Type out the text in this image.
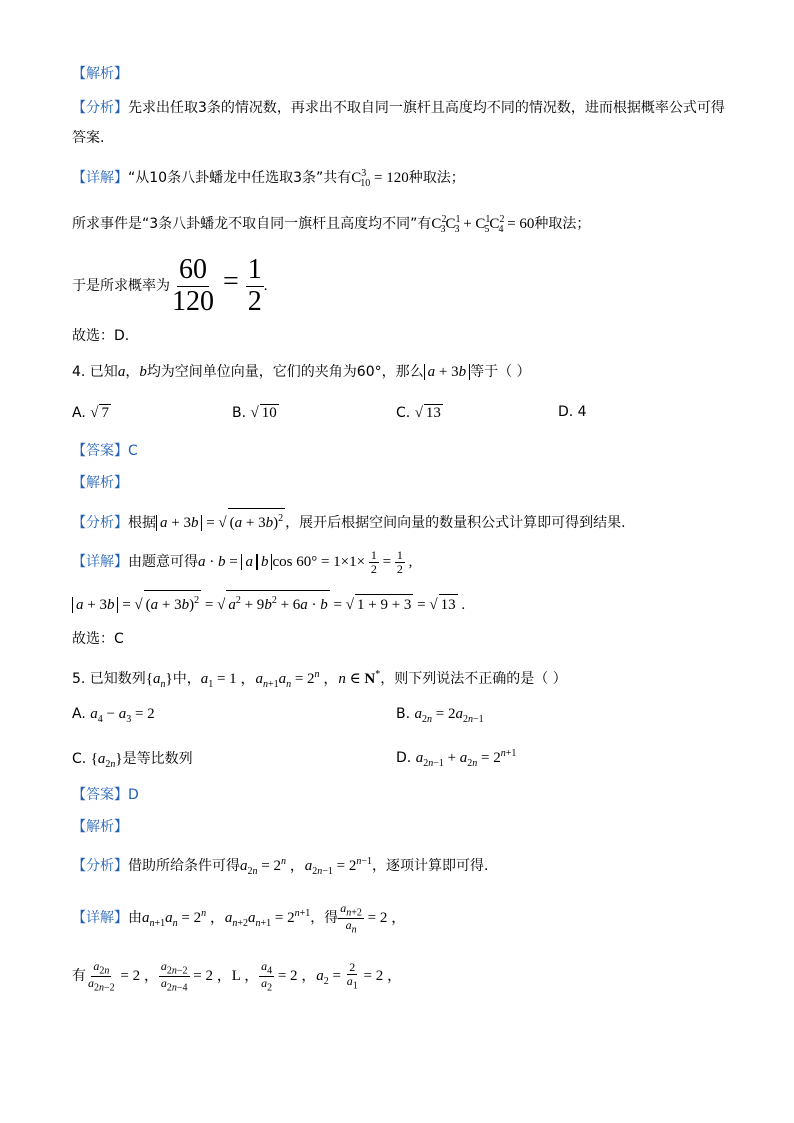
【解析】
【分析】先求出任取3条的情况数，再求出不取自同一旗杆且高度均不同的情况数，进而根据概率公式可得
答案.
【详解】“从10条八卦蟠龙中任选取3条”共有$C^3_{10} = 120$种取法；
所求事件是“3条八卦蟠龙不取自同一旗杆且高度均不同”有$C^2_3C^1_3 + C^1_5C^2_4 = 60$种取法；
于是所求概率为 $\frac{60}{120} = \frac{1}{2}$ .
故选：D.
4. 已知a，b均为空间单位向量，它们的夹角为60°，那么 a + 3b 等于（ ）
A. √ 7	B. √ 10	C. √ 13	D. 4
【答案】C
【解析】
【分析】根据 a + 3b = √ $(a + 3b)^2$ ，展开后根据空间向量的数量积公式计算即可得到结果.
【详解】由题意可得a · b = a b $\cos 60^\circ = 1\times 1\times \frac{1}{2} = \frac{1}{2}$ ,
a + 3b = √ $(a + 3b)^2$ = √ $a^2 + 9b^2 + 6a \cdot b$ = √ 1 + 9 + 3 = √ 13 .
故选：C
5. 已知数列$\{a_n\}$中，$a_1 = 1$ ，$a_{n+1}a_n = 2^n$ ，n ∈ N*，则下列说法不正确的是（ ）
A. $a_4 - a_3 = 2$	B. $a_{2n} = 2a_{2n-1}$
C. $\{a_{2n}\}$是等比数列	D. $a_{2n-1} + a_{2n} = 2^{n+1}$
【答案】D
【解析】
【分析】借助所给条件可得$a_{2n} = 2^n$ ，$a_{2n-1} = 2^{n-1}$，逐项计算即可得.
【详解】由$a_{n+1}a_n = 2^n$ ，$a_{n+2}a_{n+1} = 2^{n+1}$，得 $\frac{a_{n+2}}{a_n} = 2$ ，
有 $\frac{a_{2n}}{a_{2n-2}} = 2$ ， $\frac{a_{2n-2}}{a_{2n-4}} = 2$ ，L ， $\frac{a_4}{a_2} = 2$ ，$a_2 = \frac{2}{a_1} = 2$ ，
